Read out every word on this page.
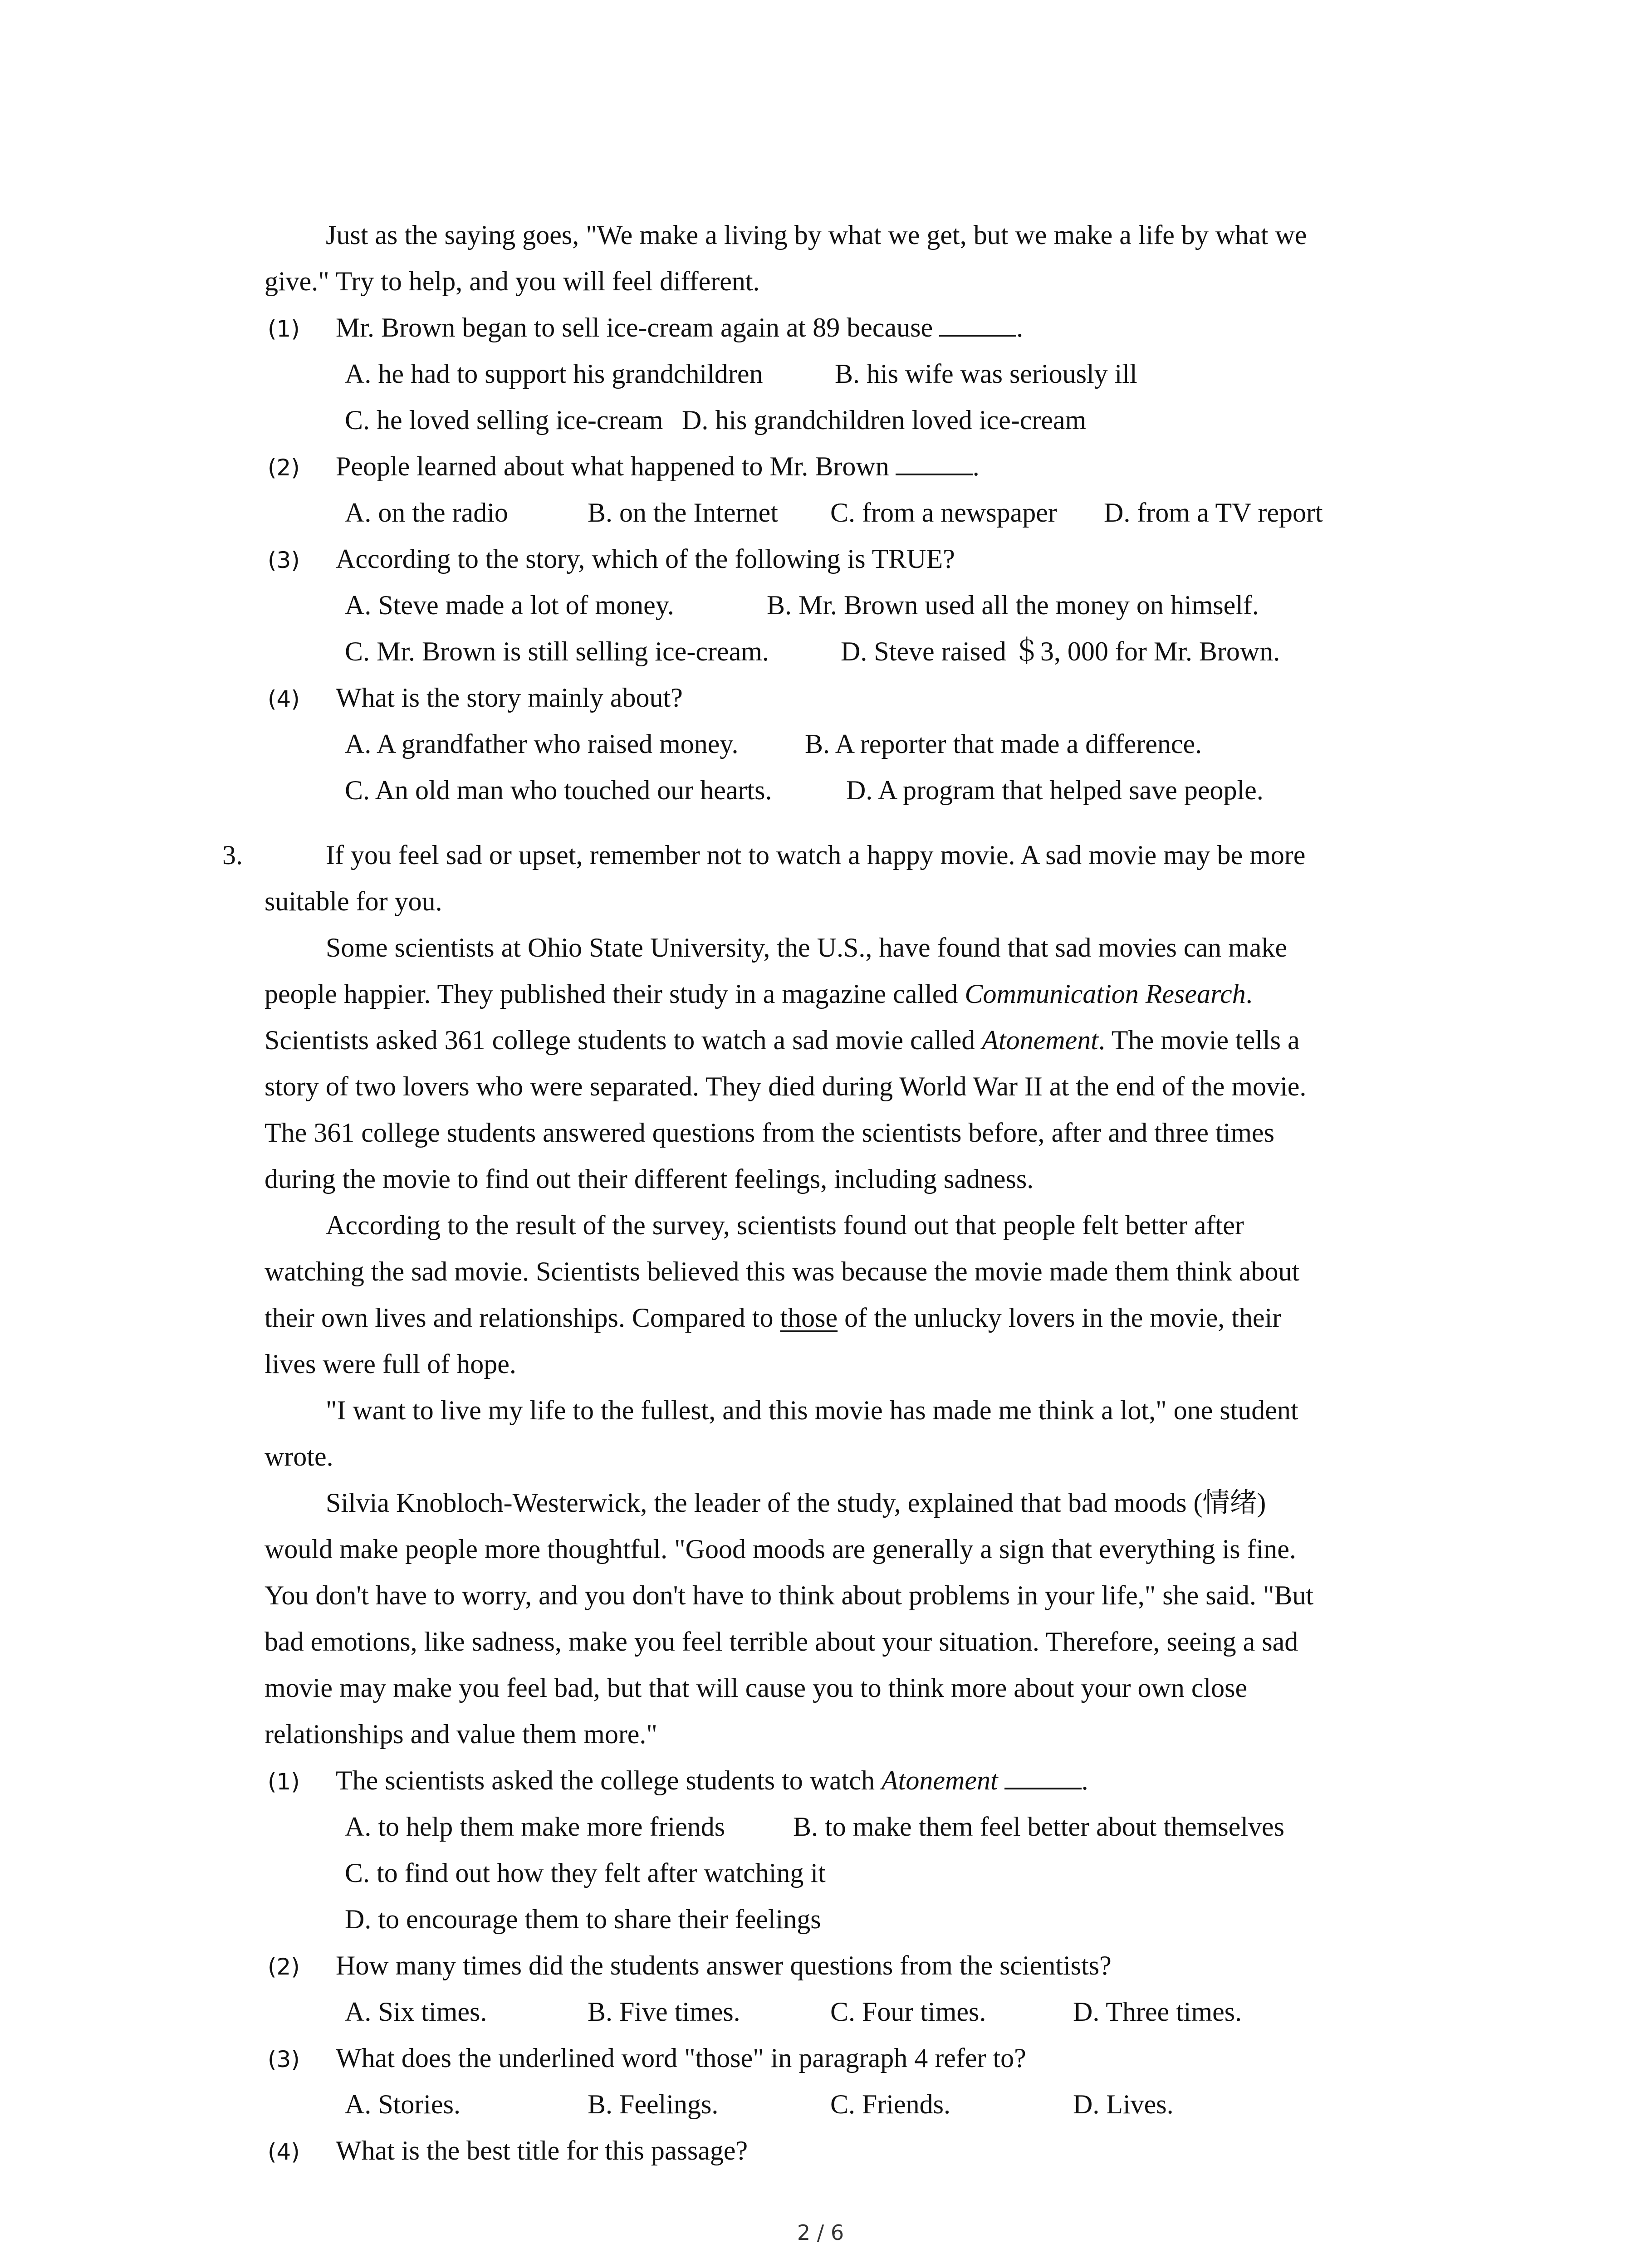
Just as the saying goes, "We make a living by what we get, but we make a life by what we
give." Try to help, and you will feel different.
(1) Mr. Brown began to sell ice-cream again at 89 because	.
A. he had to support his grandchildren	B. his wife was seriously ill
C. he loved selling ice-cream D. his grandchildren loved ice-cream
(2) People learned about what happened to Mr. Brown	.
A. on the radio	B. on the Internet C. from a newspaper D. from a TV report
(3) According to the story, which of the following is TRUE?
A. Steve made a lot of money.	B. Mr. Brown used all the money on himself.
C. Mr. Brown is still selling ice-cream.	D. Steve raised ＄3, 000 for Mr. Brown.
(4) What is the story mainly about?
A. A grandfather who raised money. B. A reporter that made a difference.
C. An old man who touched our hearts.	D. A program that helped save people.
3.	If you feel sad or upset, remember not to watch a happy movie. A sad movie may be more
suitable for you.
Some scientists at Ohio State University, the U.S., have found that sad movies can make
people happier. They published their study in a magazine called Communication Research.
Scientists asked 361 college students to watch a sad movie called Atonement. The movie tells a
story of two lovers who were separated. They died during World War II at the end of the movie.
The 361 college students answered questions from the scientists before, after and three times
during the movie to find out their different feelings, including sadness.
According to the result of the survey, scientists found out that people felt better after
watching the sad movie. Scientists believed this was because the movie made them think about
their own lives and relationships. Compared to those of the unlucky lovers in the movie, their
lives were full of hope.
"I want to live my life to the fullest, and this movie has made me think a lot," one student
wrote.
Silvia Knobloch-Westerwick, the leader of the study, explained that bad moods (情绪)
would make people more thoughtful. "Good moods are generally a sign that everything is fine.
You don't have to worry, and you don't have to think about problems in your life," she said. "But
bad emotions, like sadness, make you feel terrible about your situation. Therefore, seeing a sad
movie may make you feel bad, but that will cause you to think more about your own close
relationships and value them more."
(1) The scientists asked the college students to watch Atonement	.
A. to help them make more friends B. to make them feel better about themselves
C. to find out how they felt after watching it
D. to encourage them to share their feelings
(2) How many times did the students answer questions from the scientists?
A. Six times.	B. Five times.	C. Four times.	D. Three times.
(3) What does the underlined word "those" in paragraph 4 refer to?
A. Stories.	B. Feelings.	C. Friends.	D. Lives.
(4) What is the best title for this passage?
2 / 6
